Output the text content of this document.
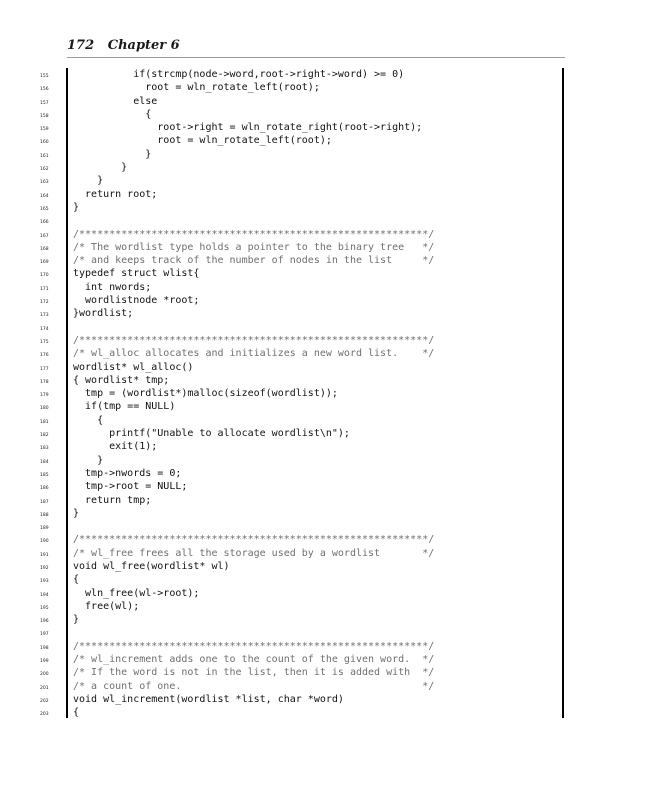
172 Chapter 6
155	if(strcmp(node->word,root->right->word) >= 0)
156	root = wln_rotate_left(root);
157	else
158	{
159	root->right = wln_rotate_right(root->right);
160	root = wln_rotate_left(root);
161	}
162	}
163	}
164	return root;
165	}
166
167	/**********************************************************/
168	/* The wordlist type holds a pointer to the binary tree   */
169	/* and keeps track of the number of nodes in the list     */
170	typedef struct wlist{
171	int nwords;
172	wordlistnode *root;
173	}wordlist;
174
175	/**********************************************************/
176	/* wl_alloc allocates and initializes a new word list.    */
177	wordlist* wl_alloc()
178	{ wordlist* tmp;
179	tmp = (wordlist*)malloc(sizeof(wordlist));
180	if(tmp == NULL)
181	{
182	printf("Unable to allocate wordlist\n");
183	exit(1);
184	}
185	tmp->nwords = 0;
186	tmp->root = NULL;
187	return tmp;
188	}
189
190	/**********************************************************/
191	/* wl_free frees all the storage used by a wordlist       */
192	void wl_free(wordlist* wl)
193	{
194	wln_free(wl->root);
195	free(wl);
196	}
197
198	/**********************************************************/
199	/* wl_increment adds one to the count of the given word.  */
200	/* If the word is not in the list, then it is added with  */
201	/* a count of one.                                        */
202	void wl_increment(wordlist *list, char *word)
203	{
